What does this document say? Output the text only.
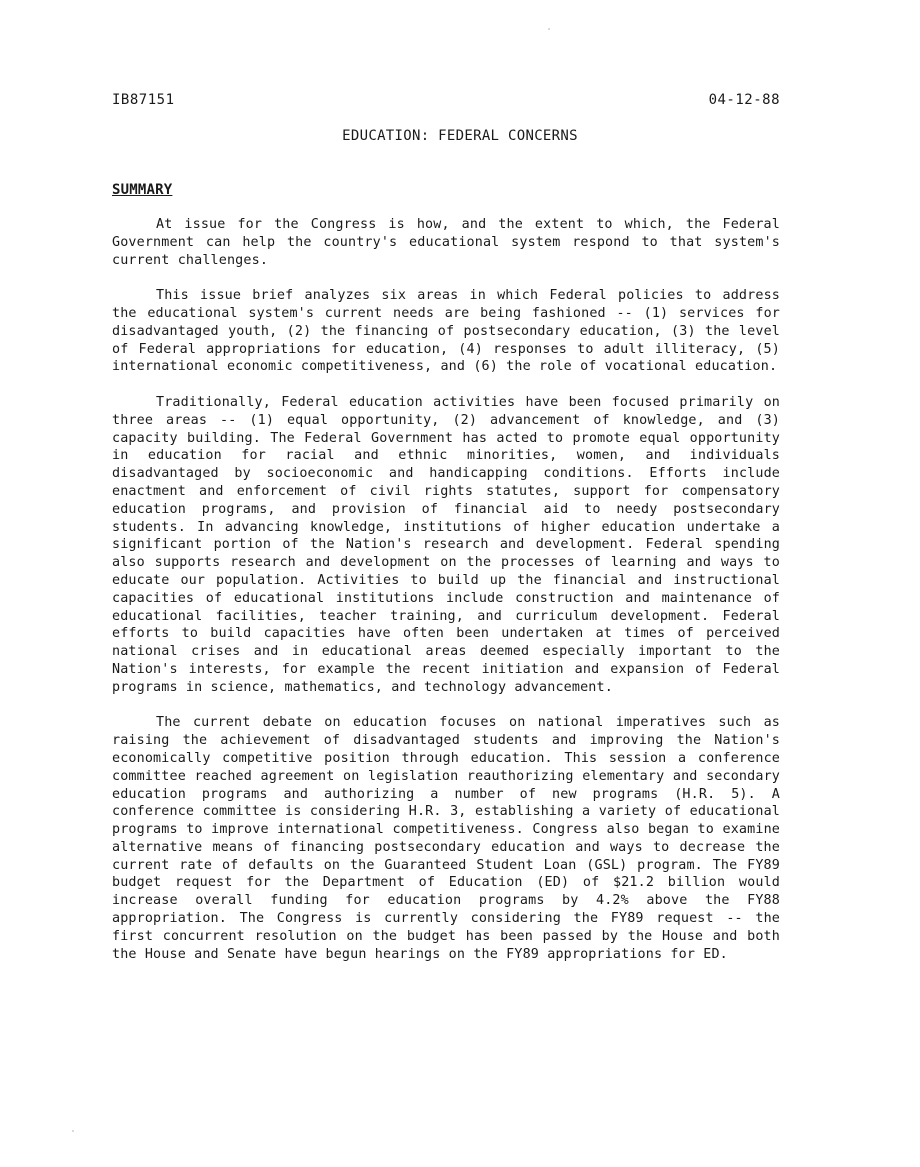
IB87151	04-12-88
EDUCATION: FEDERAL CONCERNS
SUMMARY

At issue for the Congress is how, and the extent to which, the Federal Government can help the country's educational system respond to that system's current challenges.

This issue brief analyzes six areas in which Federal policies to address the educational system's current needs are being fashioned -- (1) services for disadvantaged youth, (2) the financing of postsecondary education, (3) the level of Federal appropriations for education, (4) responses to adult illiteracy, (5) international economic competitiveness, and (6) the role of vocational education.

Traditionally, Federal education activities have been focused primarily on three areas -- (1) equal opportunity, (2) advancement of knowledge, and (3) capacity building. The Federal Government has acted to promote equal opportunity in education for racial and ethnic minorities, women, and individuals disadvantaged by socioeconomic and handicapping conditions. Efforts include enactment and enforcement of civil rights statutes, support for compensatory education programs, and provision of financial aid to needy postsecondary students. In advancing knowledge, institutions of higher education undertake a significant portion of the Nation's research and development. Federal spending also supports research and development on the processes of learning and ways to educate our population. Activities to build up the financial and instructional capacities of educational institutions include construction and maintenance of educational facilities, teacher training, and curriculum development. Federal efforts to build capacities have often been undertaken at times of perceived national crises and in educational areas deemed especially important to the Nation's interests, for example the recent initiation and expansion of Federal programs in science, mathematics, and technology advancement.

The current debate on education focuses on national imperatives such as raising the achievement of disadvantaged students and improving the Nation's economically competitive position through education. This session a conference committee reached agreement on legislation reauthorizing elementary and secondary education programs and authorizing a number of new programs (H.R. 5). A conference committee is considering H.R. 3, establishing a variety of educational programs to improve international competitiveness. Congress also began to examine alternative means of financing postsecondary education and ways to decrease the current rate of defaults on the Guaranteed Student Loan (GSL) program. The FY89 budget request for the Department of Education (ED) of $21.2 billion would increase overall funding for education programs by 4.2% above the FY88 appropriation. The Congress is currently considering the FY89 request -- the first concurrent resolution on the budget has been passed by the House and both the House and Senate have begun hearings on the FY89 appropriations for ED.
